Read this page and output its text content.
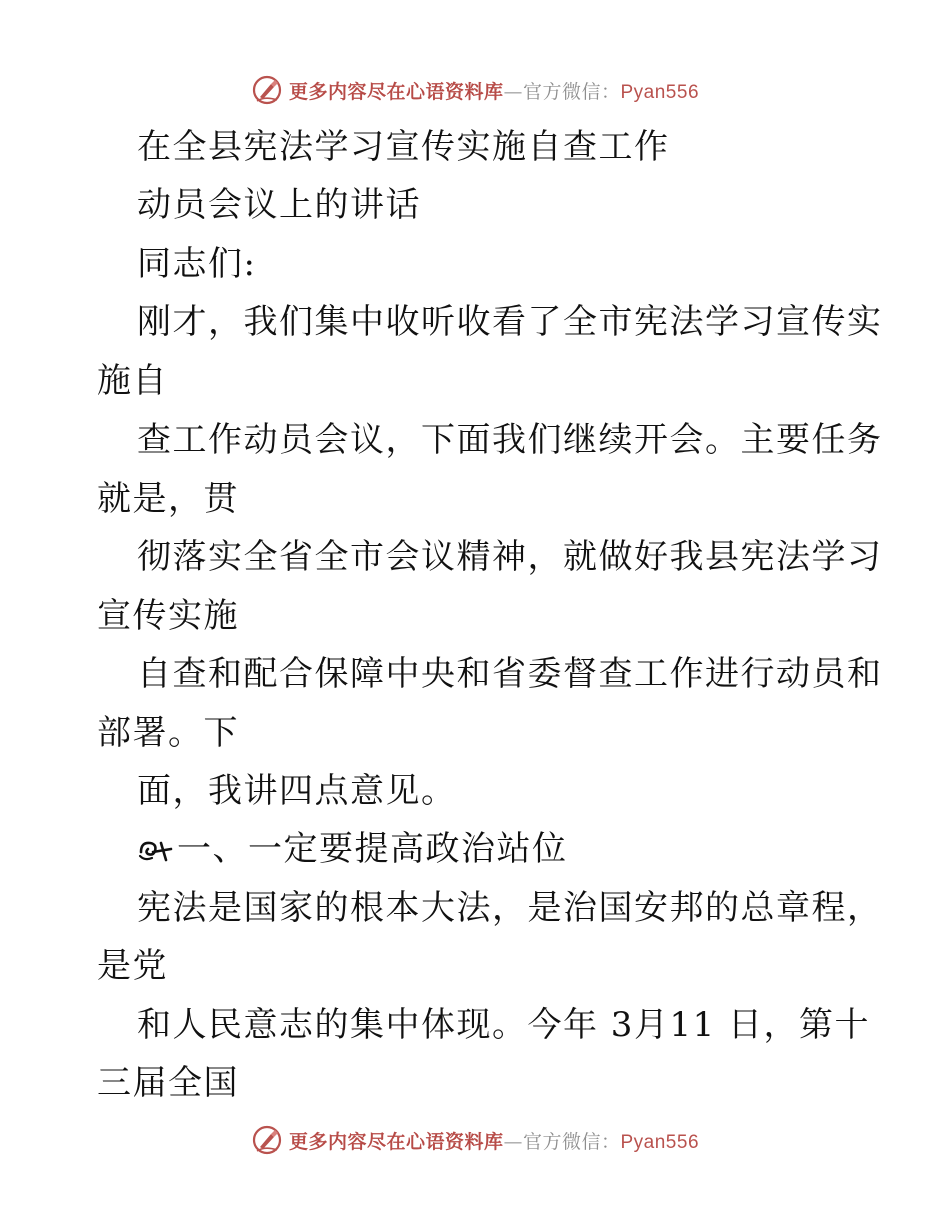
更多内容尽在心语资料库—官方微信：Pyan556
在全县宪法学习宣传实施自查工作
动员会议上的讲话
同志们:
刚才，我们集中收听收看了全市宪法学习宣传实
施自
查工作动员会议，下面我们继续开会。主要任务
就是，贯
彻落实全省全市会议精神，就做好我县宪法学习
宣传实施
自查和配合保障中央和省委督查工作进行动员和
部署。下
面，我讲四点意见。
一、一定要提高政治站位
宪法是国家的根本大法，是治国安邦的总章程，
是党
和人民意志的集中体现。今年 3月11 日，第十
三届全国
更多内容尽在心语资料库—官方微信：Pyan556
